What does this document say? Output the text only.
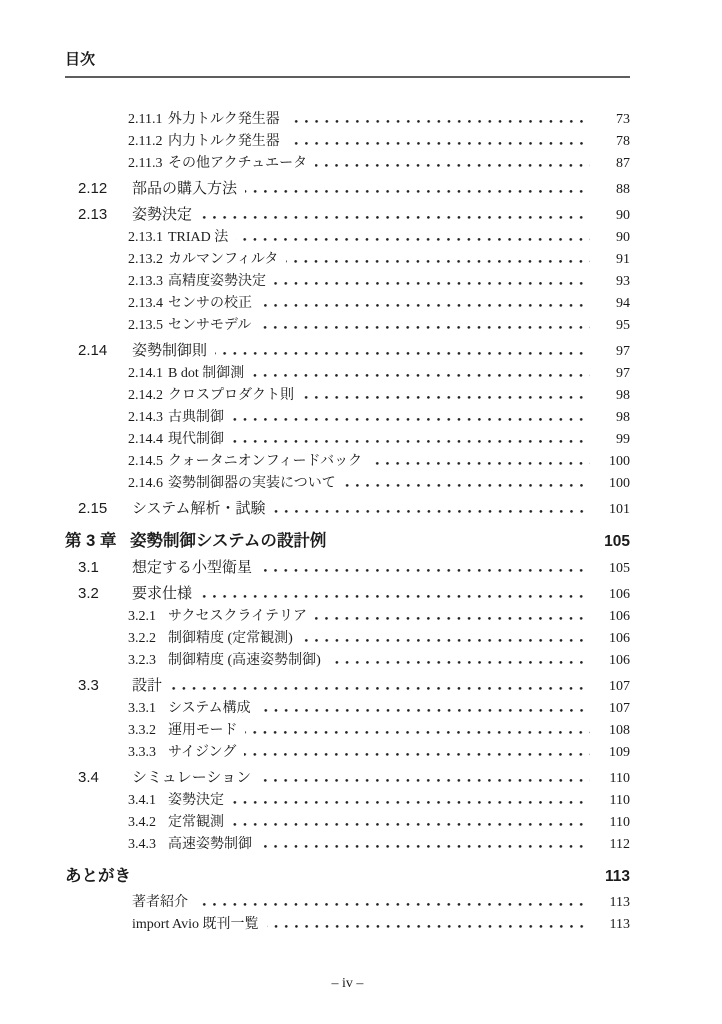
目次
2.11.1 外力トルク発生器	73
2.11.2 内力トルク発生器	78
2.11.3 その他アクチュエータ	87
2.12	部品の購入方法	88
2.13	姿勢決定	90
2.13.1 TRIAD 法	90
2.13.2 カルマンフィルタ	91
2.13.3 高精度姿勢決定	93
2.13.4 センサの校正	94
2.13.5 センサモデル	95
2.14	姿勢制御則	97
2.14.1 B dot 制御測	97
2.14.2 クロスプロダクト則	98
2.14.3 古典制御	98
2.14.4 現代制御	99
2.14.5 クォータニオンフィードバック	100
2.14.6 姿勢制御器の実装について	100
2.15	システム解析・試験	101
第 3 章 姿勢制御システムの設計例	105
3.1	想定する小型衛星	105
3.2	要求仕様	106
3.2.1 サクセスクライテリア	106
3.2.2 制御精度 (定常観測)	106
3.2.3 制御精度 (高速姿勢制御)	106
3.3	設計	107
3.3.1 システム構成	107
3.3.2 運用モード	108
3.3.3 サイジング	109
3.4	シミュレーション	110
3.4.1 姿勢決定	110
3.4.2 定常観測	110
3.4.3 高速姿勢制御	112
あとがき	113
著者紹介	113
import Avio 既刊一覧	113
– iv –
